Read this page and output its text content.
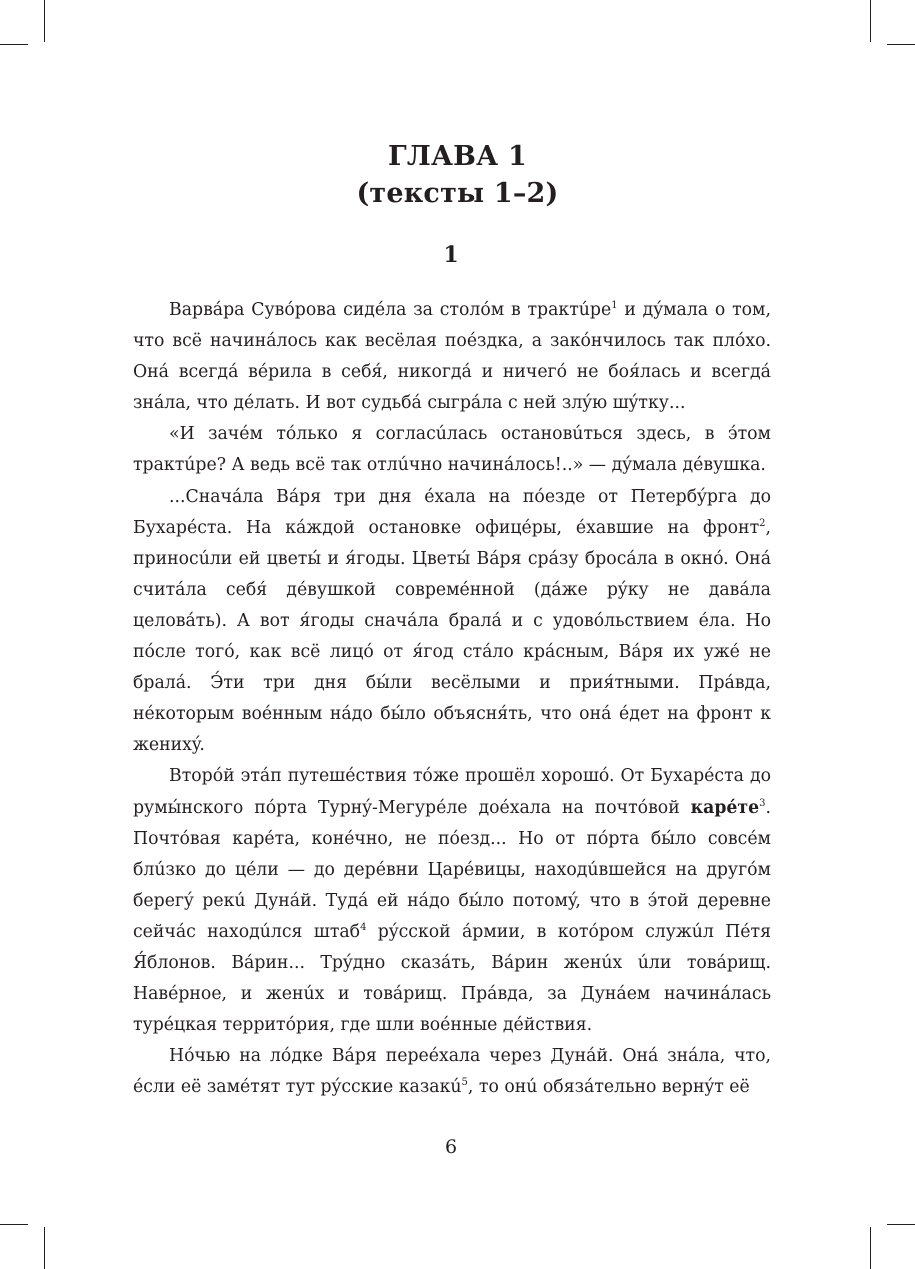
ГЛАВА 1
(тексты 1–2)
1

Варвáра Сувóрова сидéла за столóм в трактúре$^1$ и дýмала о том, что всё начинáлось как весёлая поéздка, а закóнчилось так плóхо. Онá всегдá вéрила в себя́, никогдá и ничегó не боя́лась и всегдá знáла, что дéлать. И вот судьбá сыгрáла с ней злýю шýтку...

«И зачéм тóлько я согласúлась остановúться здесь, в э́том трактúре? А ведь всё так отлúчно начинáлось!..» — дýмала дéвушка.

...Сначáла Вáря три дня éхала на пóезде от Петербýрга до Бухарéста. На кáждой остановке офицéры, éхавшие на фронт$^2$, приносúли ей цветы́ и я́годы. Цветы́ Вáря срáзу бросáла в окнó. Онá считáла себя́ дéвушкой совремéнной (дáже рýку не давáла целовáть). А вот я́годы сначáла бралá и с удовóльствием éла. Но пóсле тогó, как всё лицó от я́год стáло крáсным, Вáря их ужé не бралá. Э́ти три дня бы́ли весёлыми и прия́тными. Прáвда, нéкоторым воéнным нáдо бы́ло объясня́ть, что онá éдет на фронт к женихý.

Вторóй этáп путешéствия тóже прошёл хорошó. От Бухарéста до румы́нского пóрта Турнý-Мегурéле доéхала на почтóвой карéте$^3$. Почтóвая карéта, конéчно, не пóезд... Но от пóрта бы́ло совсéм блúзко до цéли — до дерéвни Царéвицы, находúвшейся на другóм берегý рекú Дунáй. Тудá ей нáдо бы́ло потомý, что в э́той деревне сейчáс находúлся штаб$^4$ рýсской áрмии, в котóром служúл Пéтя Я́блонов. Вáрин... Трýдно сказáть, Вáрин женúх úли товáрищ. Навéрное, и женúх и товáрищ. Прáвда, за Дунáем начинáлась турéцкая территóрия, где шли воéнные дéйствия.

Нóчью на лóдке Вáря переéхала через Дунáй. Онá знáла, что, éсли её замéтят тут рýсские казакú$^5$, то онú обязáтельно вернýт её

6
